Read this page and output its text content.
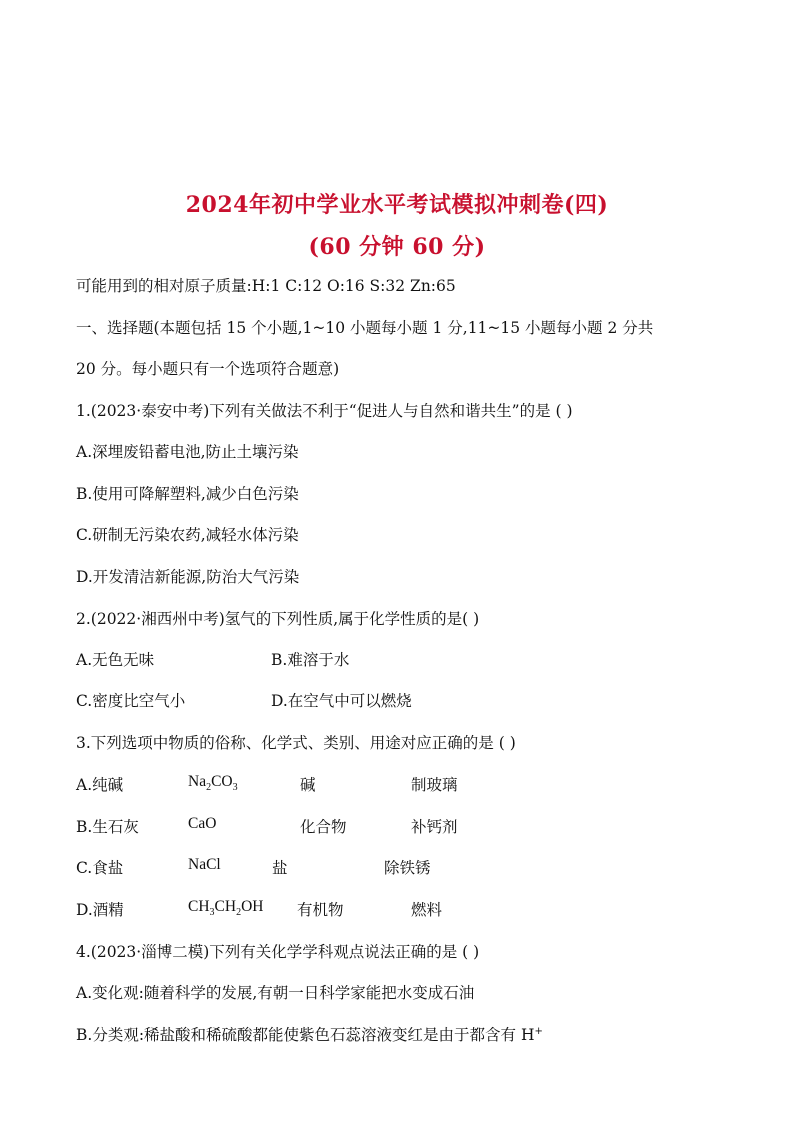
2024年初中学业水平考试模拟冲刺卷(四)
(60 分钟 60 分)
可能用到的相对原子质量:H:1 C:12 O:16 S:32 Zn:65
一、选择题(本题包括 15 个小题,1~10 小题每小题 1 分,11~15 小题每小题 2 分共
20 分。每小题只有一个选项符合题意)
1.(2023·泰安中考)下列有关做法不利于“促进人与自然和谐共生”的是 ( )
A.深埋废铅蓄电池,防止土壤污染
B.使用可降解塑料,减少白色污染
C.研制无污染农药,减轻水体污染
D.开发清洁新能源,防治大气污染
2.(2022·湘西州中考)氢气的下列性质,属于化学性质的是( )
A.无色无味	B.难溶于水
C.密度比空气小	D.在空气中可以燃烧
3.下列选项中物质的俗称、化学式、类别、用途对应正确的是 ( )
A.纯碱	$Na_2CO_3$	碱	制玻璃
B.生石灰	CaO	化合物	补钙剂
C.食盐	NaCl	盐	除铁锈
D.酒精	$CH_3CH_2OH$ 有机物	燃料
4.(2023·淄博二模)下列有关化学学科观点说法正确的是 ( )
A.变化观:随着科学的发展,有朝一日科学家能把水变成石油
B.分类观:稀盐酸和稀硫酸都能使紫色石蕊溶液变红是由于都含有 H+
